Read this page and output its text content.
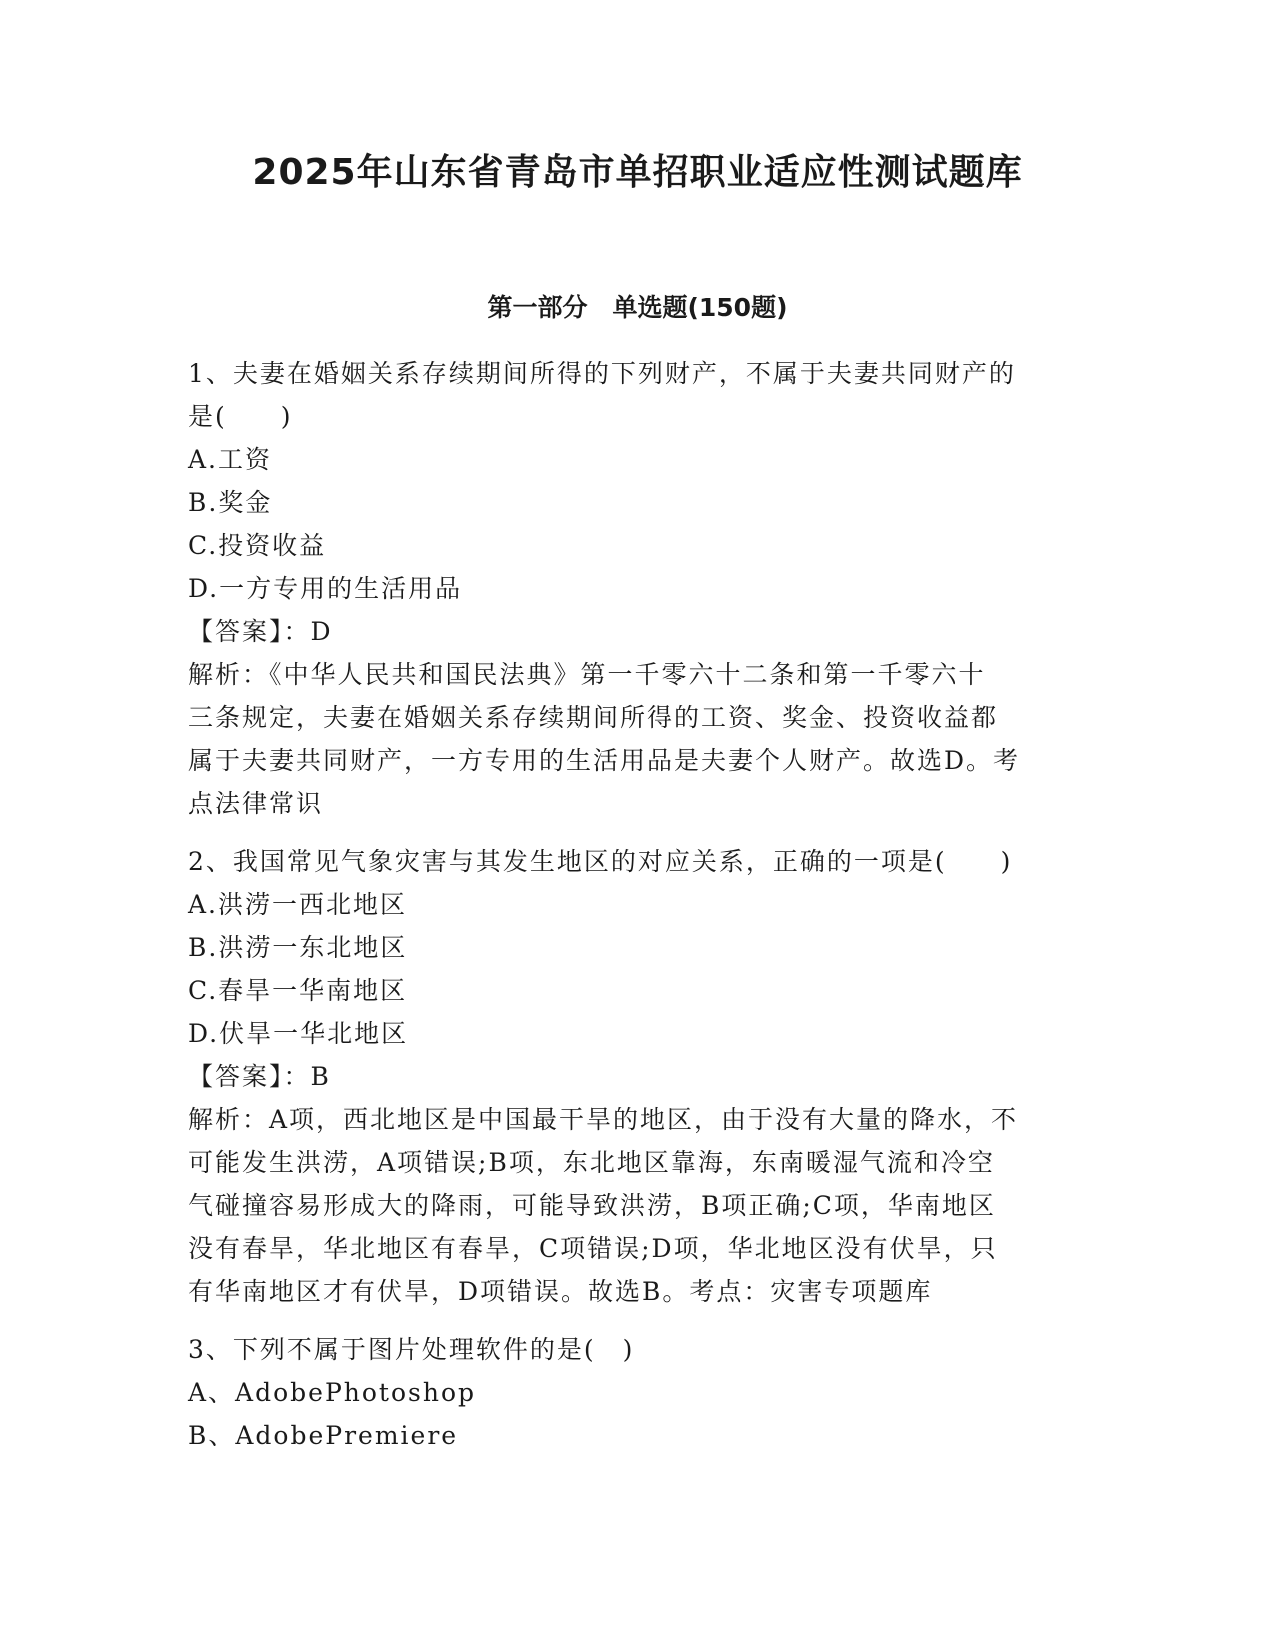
2025年山东省青岛市单招职业适应性测试题库
第一部分　单选题(150题)
1、夫妻在婚姻关系存续期间所得的下列财产，不属于夫妻共同财产的
是(　　)
A.工资
B.奖金
C.投资收益
D.一方专用的生活用品
【答案】：D
解析：《中华人民共和国民法典》第一千零六十二条和第一千零六十
三条规定，夫妻在婚姻关系存续期间所得的工资、奖金、投资收益都
属于夫妻共同财产，一方专用的生活用品是夫妻个人财产。故选D。考
点法律常识
2、我国常见气象灾害与其发生地区的对应关系，正确的一项是(　　)
A.洪涝一西北地区
B.洪涝一东北地区
C.春旱一华南地区
D.伏旱一华北地区
【答案】：B
解析：A项，西北地区是中国最干旱的地区，由于没有大量的降水，不
可能发生洪涝，A项错误;B项，东北地区靠海，东南暖湿气流和冷空
气碰撞容易形成大的降雨，可能导致洪涝，B项正确;C项，华南地区
没有春旱，华北地区有春旱，C项错误;D项，华北地区没有伏旱，只
有华南地区才有伏旱，D项错误。故选B。考点：灾害专项题库
3、下列不属于图片处理软件的是(　)
A、AdobePhotoshop
B、AdobePremiere
